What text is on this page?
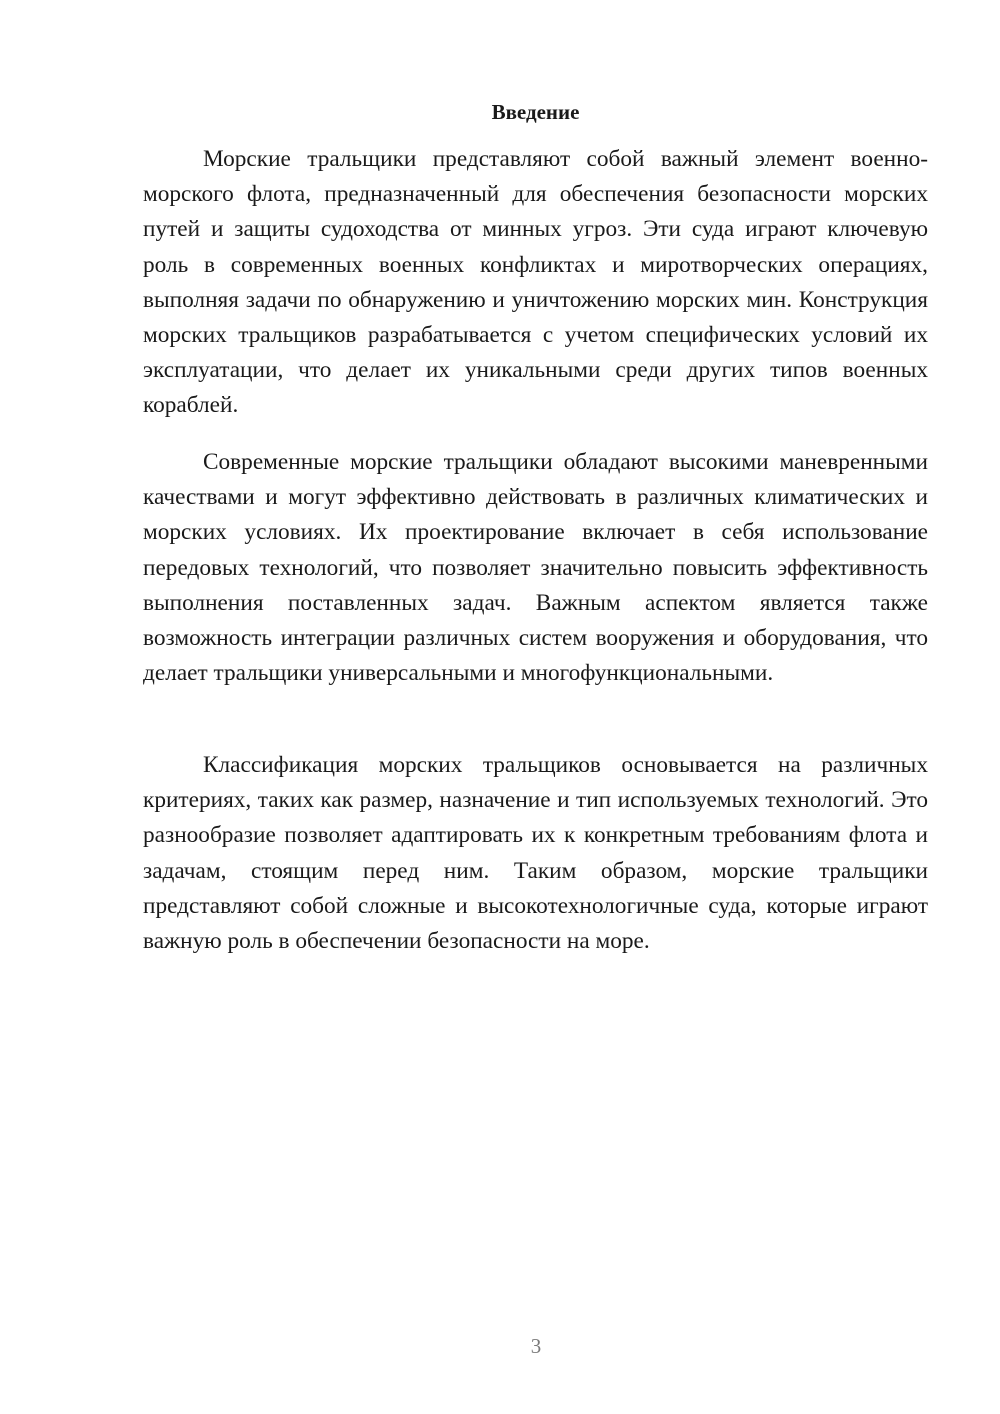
Введение

Морские тральщики представляют собой важный элемент военно-морского флота, предназначенный для обеспечения безопасности морских путей и защиты судоходства от минных угроз. Эти суда играют ключевую роль в современных военных конфликтах и миротворческих операциях, выполняя задачи по обнаружению и уничтожению морских мин. Конструкция морских тральщиков разрабатывается с учетом специфических условий их эксплуатации, что делает их уникальными среди других типов военных кораблей.

Современные морские тральщики обладают высокими маневренными качествами и могут эффективно действовать в различных климатических и морских условиях. Их проектирование включает в себя использование передовых технологий, что позволяет значительно повысить эффективность выполнения поставленных задач. Важным аспектом является также возможность интеграции различных систем вооружения и оборудования, что делает тральщики универсальными и многофункциональными.

Классификация морских тральщиков основывается на различных критериях, таких как размер, назначение и тип используемых технологий. Это разнообразие позволяет адаптировать их к конкретным требованиям флота и задачам, стоящим перед ним. Таким образом, морские тральщики представляют собой сложные и высокотехнологичные суда, которые играют важную роль в обеспечении безопасности на море.

3
